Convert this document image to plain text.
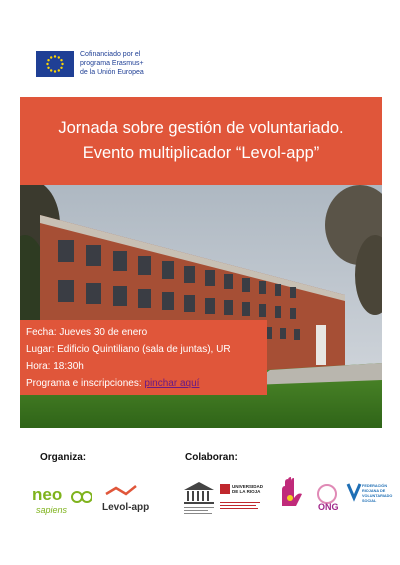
Cofinanciado por el
programa Erasmus+
de la Unión Europea
Jornada sobre gestión de voluntariado.
Evento multiplicador “Levol-app”
Fecha: Jueves 30 de enero
Lugar: Edificio Quintiliano (sala de juntas), UR
Hora: 18:30h
Programa e inscripciones: pinchar aquí
Organiza:	Colaboran:
neo
sapiens	Levol-app
UNIVERSIDAD
DE LA RIOJA
ONG
FEDERACIÓN
RIOJANA DE
VOLUNTARIADO
SOCIAL
